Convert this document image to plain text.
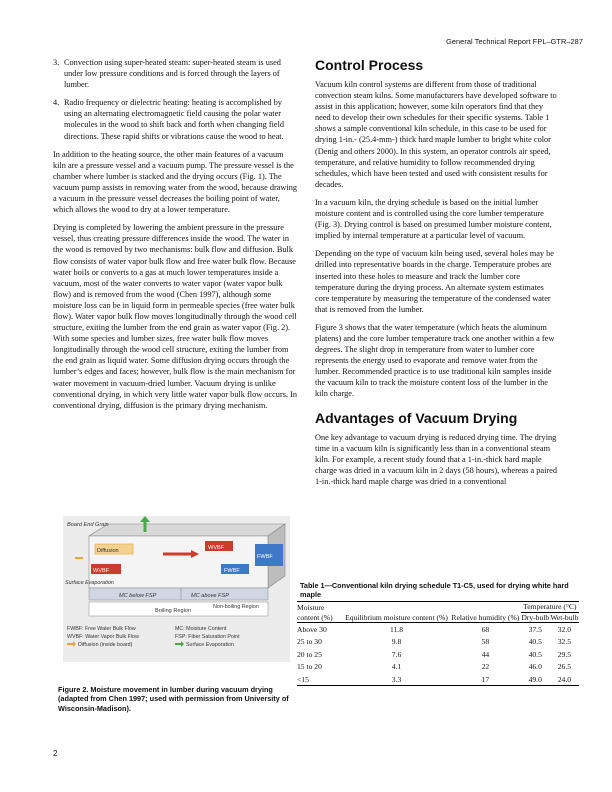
General Technical Report FPL–GTR–287
3. Convection using super-heated steam: super-heated steam is used under low pressure conditions and is forced through the layers of lumber.
4. Radio frequency or dielectric heating: heating is accomplished by using an alternating electromagnetic field causing the polar water molecules in the wood to shift back and forth when changing field directions. These rapid shifts or vibrations cause the wood to heat.

In addition to the heating source, the other main features of a vacuum kiln are a pressure vessel and a vacuum pump. The pressure vessel is the chamber where lumber is stacked and the drying occurs (Fig. 1). The vacuum pump assists in removing water from the wood, because drawing a vacuum in the pressure vessel decreases the boiling point of water, which allows the wood to dry at a lower temperature.

Drying is completed by lowering the ambient pressure in the pressure vessel, thus creating pressure differences inside the wood. The water in the wood is removed by two mechanisms: bulk flow and diffusion. Bulk flow consists of water vapor bulk flow and free water bulk flow. Because water boils or converts to a gas at much lower temperatures inside a vacuum, most of the water converts to water vapor (water vapor bulk flow) and is removed from the wood (Chen 1997), although some moisture loss can be in liquid form in permeable species (free water bulk flow). Water vapor bulk flow moves longitudinally through the wood cell structure, exiting the lumber from the end grain as water vapor (Fig. 2). With some species and lumber sizes, free water bulk flow moves longitudinally through the wood cell structure, exiting the lumber from the end grain as liquid water. Some diffusion drying occurs through the lumber’s edges and faces; however, bulk flow is the main mechanism for water movement in vacuum-dried lumber. Vacuum drying is unlike conventional drying, in which very little water vapor bulk flow occurs. In conventional drying, diffusion is the primary drying mechanism.

Board End Grain
Diffusion	WVBF
WVBF
FWBF
FWBF
Surface Evaporation
MC below FSP	MC above FSP
Boiling Region
Non-boiling Region
FWBF: Free Water Bulk Flow	MC: Moisture Content
WVBF: Water Vapor Bulk Flow	FSP: Fiber Saturation Point
Diffusion (inside board)	Surface Evaporation
Figure 2. Moisture movement in lumber during vacuum drying (adapted from Chen 1997; used with permission from University of Wisconsin-Madison).
Control Process

Vacuum kiln control systems are different from those of traditional convection steam kilns. Some manufacturers have developed software to assist in this application; however, some kiln operators find that they need to develop their own schedules for their specific systems. Table 1 shows a sample conventional kiln schedule, in this case to be used for drying 1-in.- (25.4-mm-) thick hard maple lumber to bright white color (Denig and others 2000). In this system, an operator controls air speed, temperature, and relative humidity to follow recommended drying schedules, which have been tested and used with consistent results for decades.

In a vacuum kiln, the drying schedule is based on the initial lumber moisture content and is controlled using the core lumber temperature (Fig. 3). Drying control is based on presumed lumber moisture content, implied by internal temperature at a particular level of vacuum.

Depending on the type of vacuum kiln being used, several holes may be drilled into representative boards in the charge. Temperature probes are inserted into these holes to measure and track the lumber core temperature during the drying process. An alternate system estimates core temperature by measuring the temperature of the condensed water that is removed from the lumber.

Figure 3 shows that the water temperature (which heats the aluminum platens) and the core lumber temperature track one another within a few degrees. The slight drop in temperature from water to lumber core represents the energy used to evaporate and remove water from the lumber. Recommended practice is to use traditional kiln samples inside the vacuum kiln to track the moisture content loss of the lumber in the kiln charge.

Advantages of Vacuum Drying

One key advantage to vacuum drying is reduced drying time. The drying time in a vacuum kiln is significantly less than in a conventional steam kiln. For example, a recent study found that a 1-in.-thick hard maple charge was dried in a vacuum kiln in 2 days (58 hours), whereas a paired 1-in.-thick hard maple charge was dried in a conventional

Table 1—Conventional kiln drying schedule T1-C5, used for drying white hard maple
Moisture content (%)	Equilibrium moisture content (%)	Relative humidity (%)	Temperature (°C)	
			Dry-bulb	Wet-bulb
Above 30	11.8	68	37.5	32.0
25 to 30	9.8	58	40.5	32.5
20 to 25	7.6	44	40.5	29.5
15 to 20	4.1	22	46.0	26.5
<15	3.3	17	49.0	24.0
2
